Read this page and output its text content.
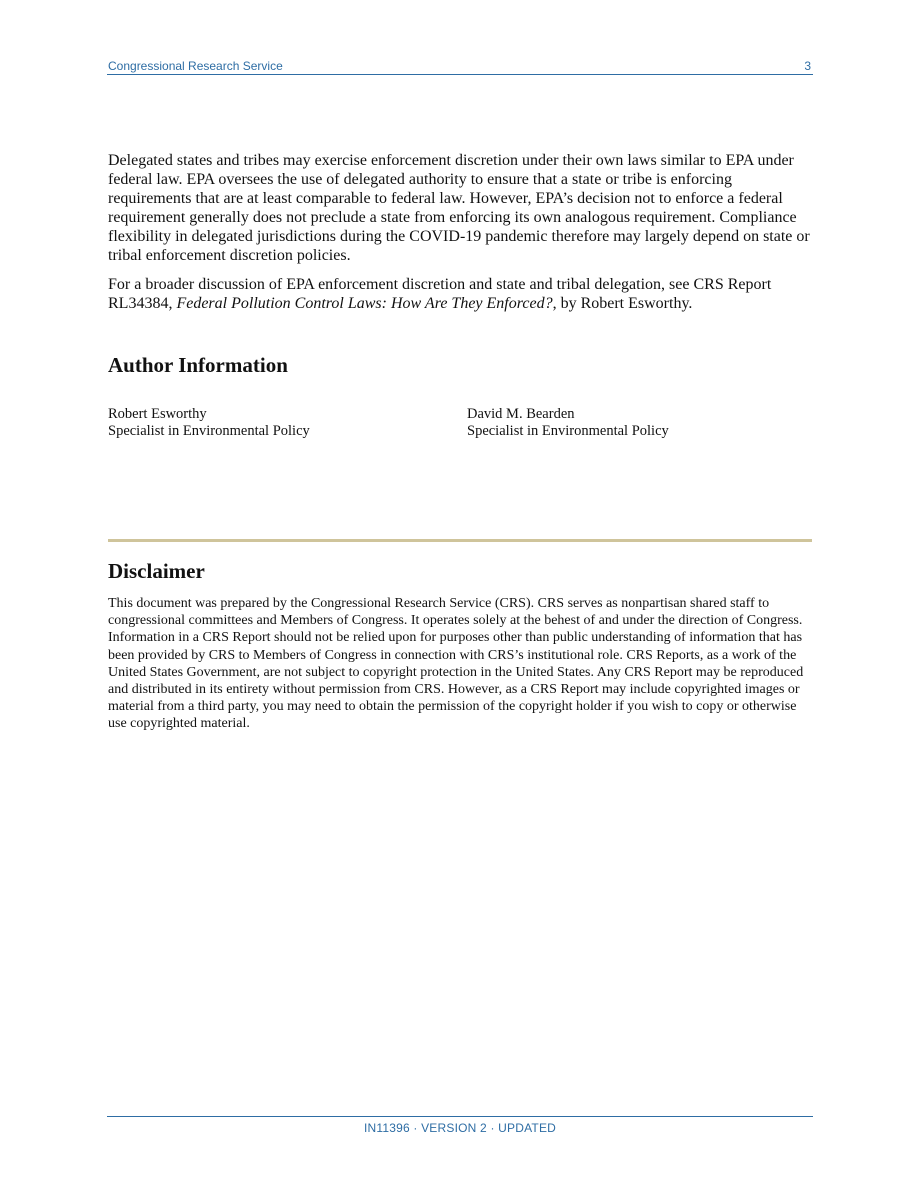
Congressional Research Service	3

Delegated states and tribes may exercise enforcement discretion under their own laws similar to EPA under federal law. EPA oversees the use of delegated authority to ensure that a state or tribe is enforcing requirements that are at least comparable to federal law. However, EPA’s decision not to enforce a federal requirement generally does not preclude a state from enforcing its own analogous requirement. Compliance flexibility in delegated jurisdictions during the COVID-19 pandemic therefore may largely depend on state or tribal enforcement discretion policies.

For a broader discussion of EPA enforcement discretion and state and tribal delegation, see CRS Report RL34384, Federal Pollution Control Laws: How Are They Enforced?, by Robert Esworthy.

Author Information
Robert Esworthy
Specialist in Environmental Policy
David M. Bearden
Specialist in Environmental Policy
Disclaimer

This document was prepared by the Congressional Research Service (CRS). CRS serves as nonpartisan shared staff to congressional committees and Members of Congress. It operates solely at the behest of and under the direction of Congress. Information in a CRS Report should not be relied upon for purposes other than public understanding of information that has been provided by CRS to Members of Congress in connection with CRS’s institutional role. CRS Reports, as a work of the United States Government, are not subject to copyright protection in the United States. Any CRS Report may be reproduced and distributed in its entirety without permission from CRS. However, as a CRS Report may include copyrighted images or material from a third party, you may need to obtain the permission of the copyright holder if you wish to copy or otherwise use copyrighted material.

IN11396 · VERSION 2 · UPDATED
